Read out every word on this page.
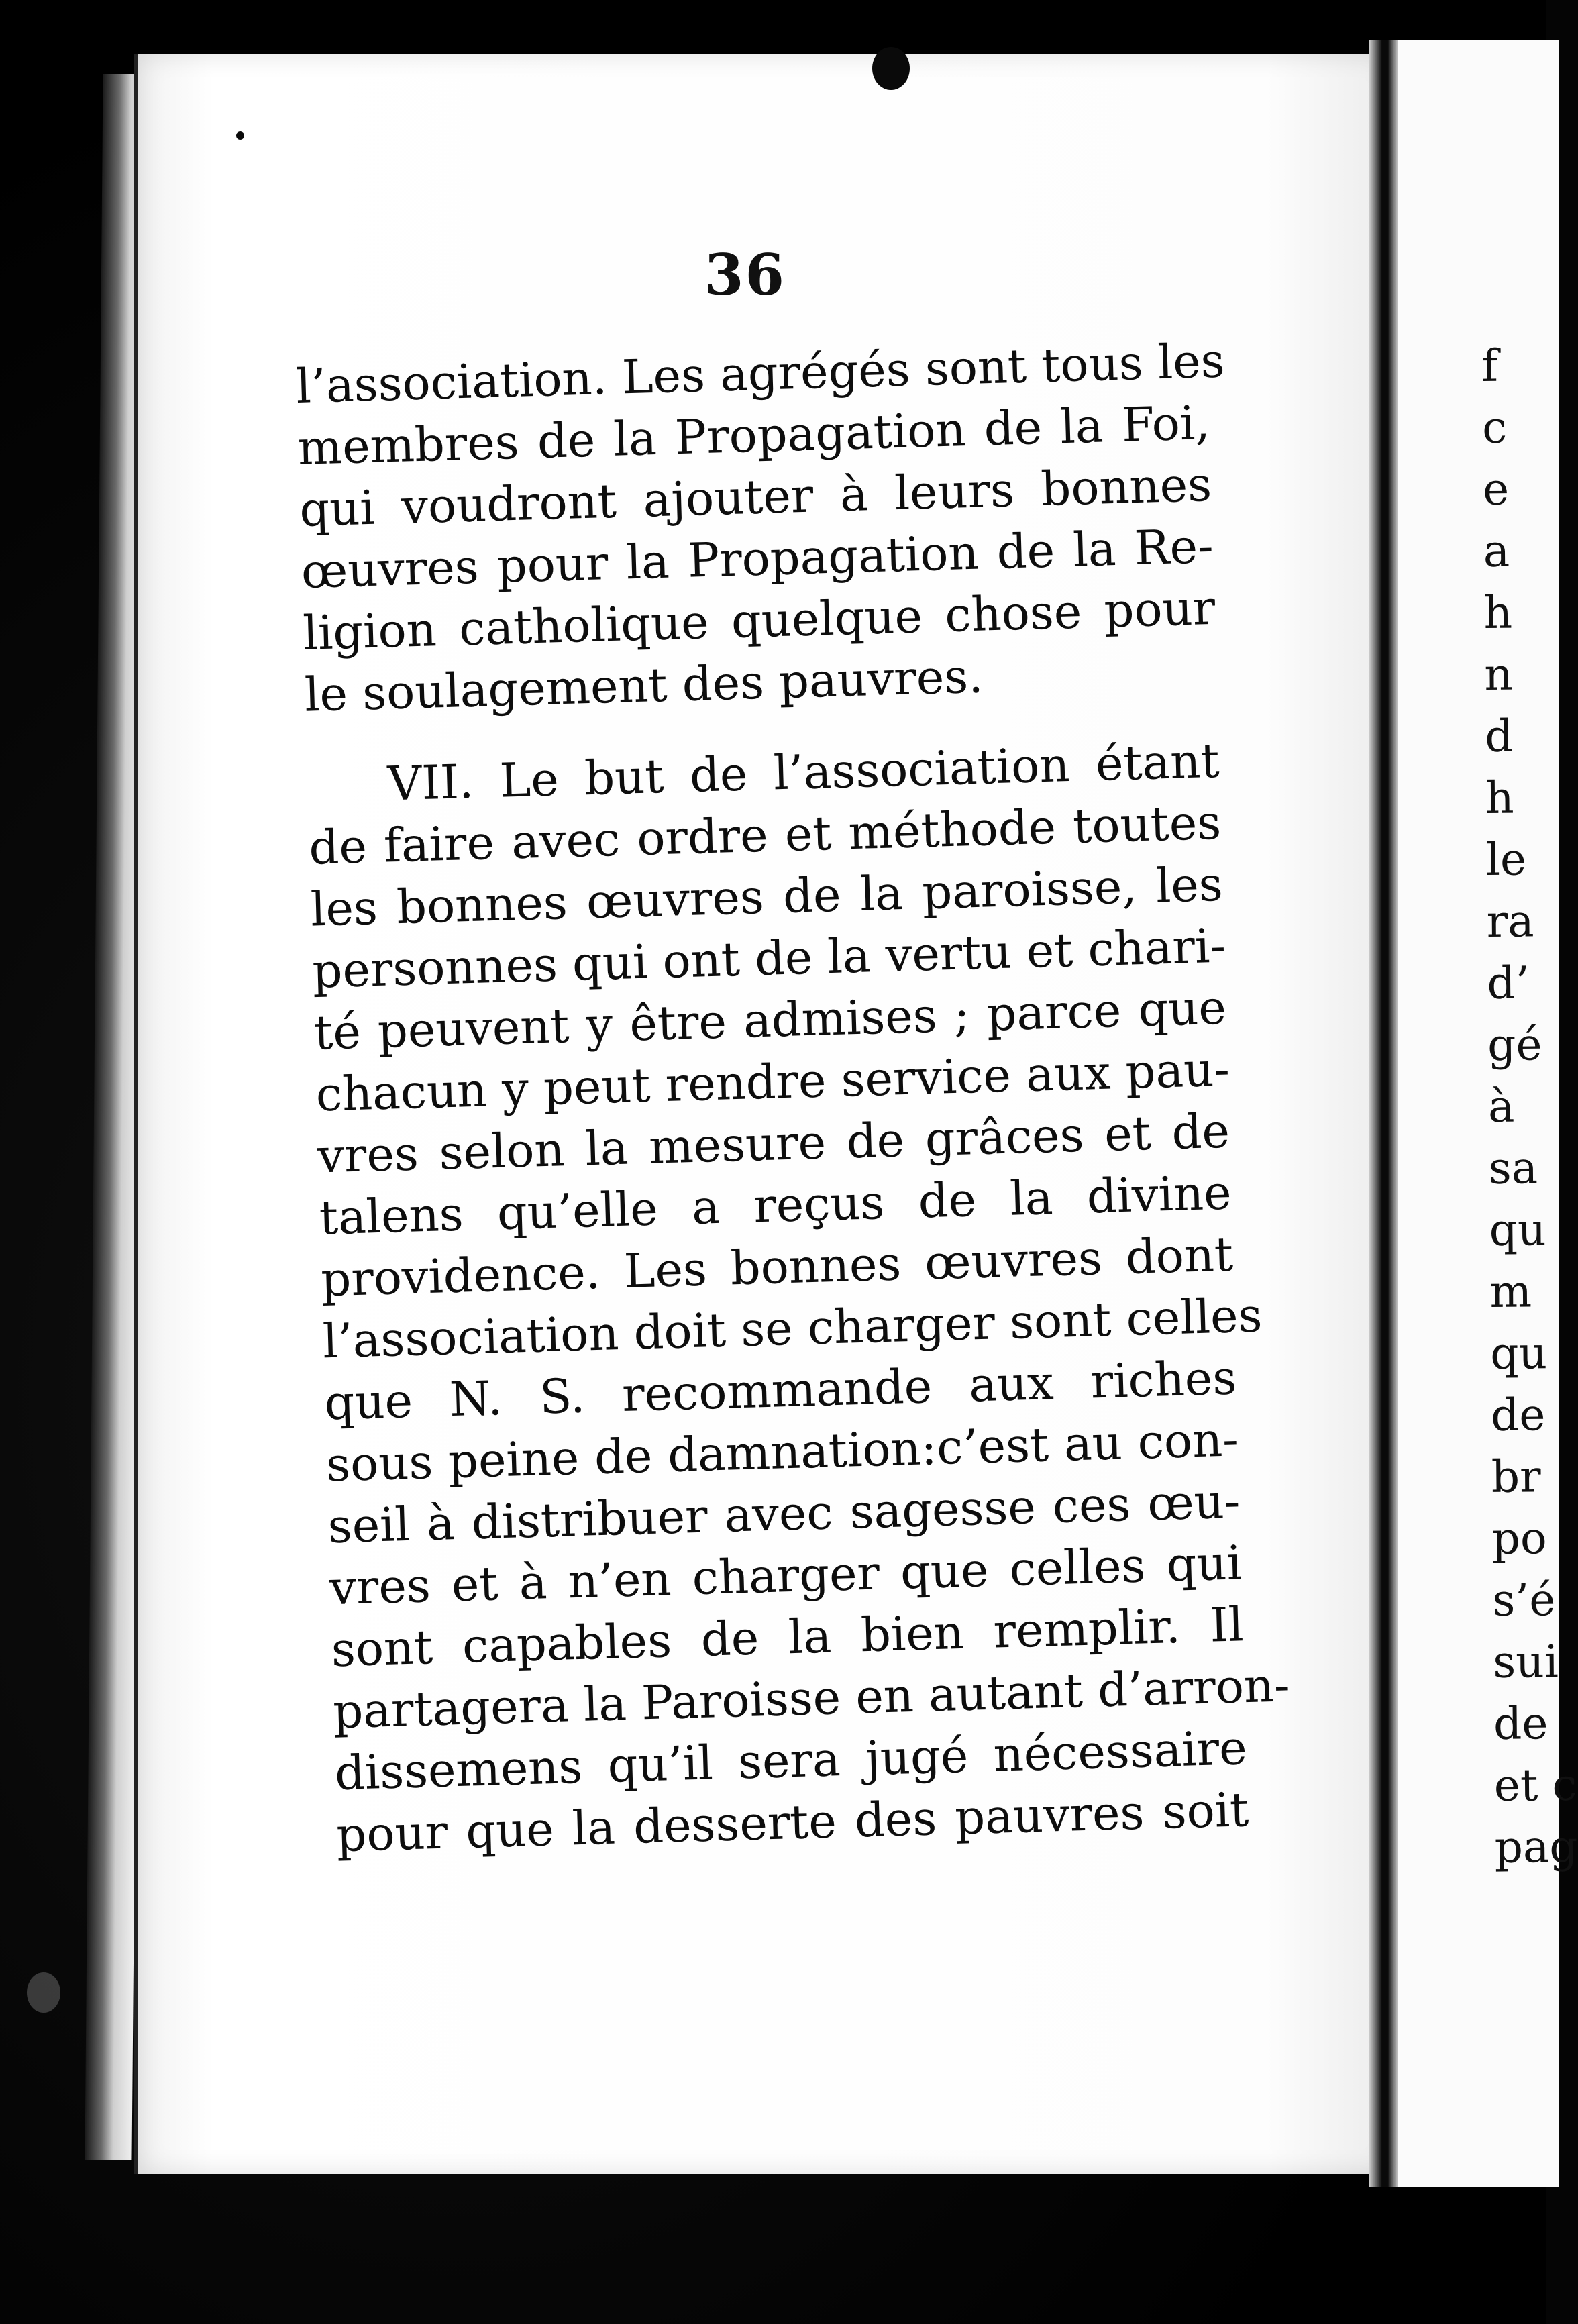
36
l’association. Les agrégés sont tous les
membres de la Propagation de la Foi,
qui voudront ajouter à leurs bonnes
œuvres pour la Propagation de la Re-
ligion catholique quelque chose pour
le soulagement des pauvres.
VII. Le but de l’association étant
de faire avec ordre et méthode toutes
les bonnes œuvres de la paroisse, les
personnes qui ont de la vertu et chari-
té peuvent y être admises ; parce que
chacun y peut rendre service aux pau-
vres selon la mesure de grâces et de
talens qu’elle a reçus de la divine
providence. Les bonnes œuvres dont
l’association doit se charger sont celles
que N. S. recommande aux riches
sous peine de damnation:c’est au con-
seil à distribuer avec sagesse ces œu-
vres et à n’en charger que celles qui
sont capables de la bien remplir. Il
partagera la Paroisse en autant d’arron-
dissemens qu’il sera jugé nécessaire
pour que la desserte des pauvres soit
f
c
e
a
h
n
d
h
le
ra
d’
gé
à
sa
qu
m
qu
de
br
po
s’é
sui
de
et c
pag
